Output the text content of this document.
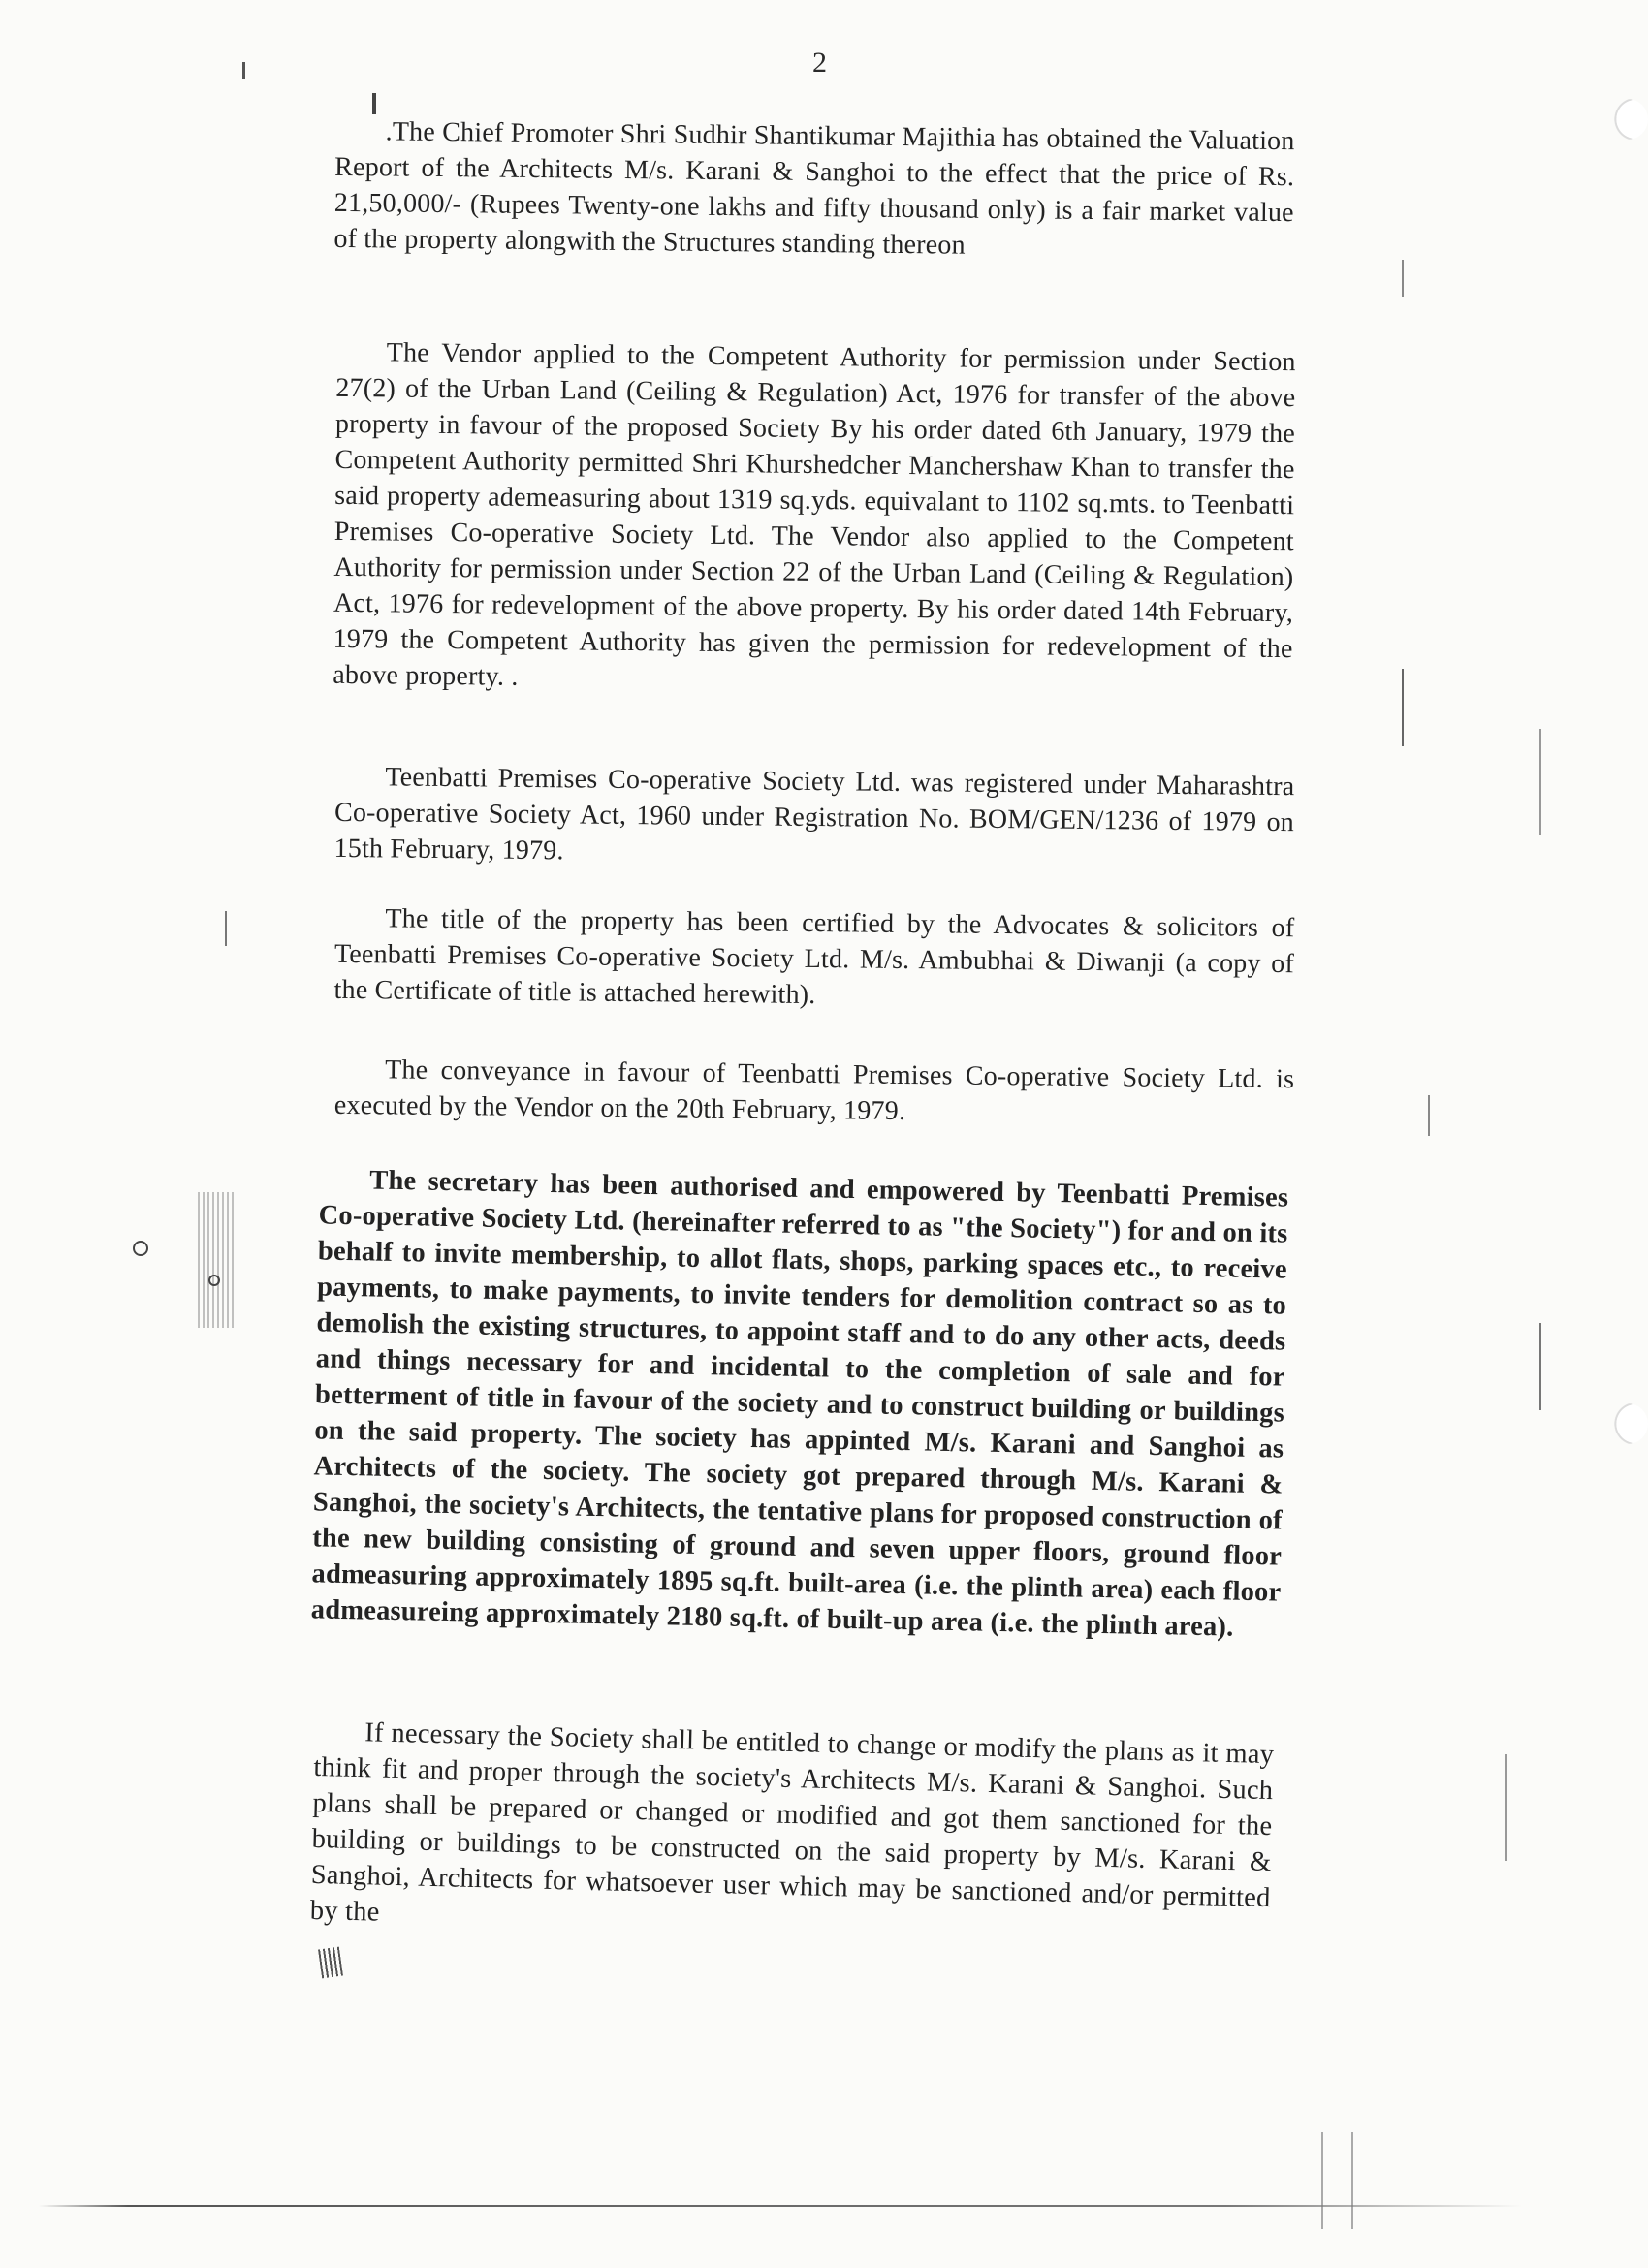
2

.The Chief Promoter Shri Sudhir Shantikumar Majithia has obtained the Valuation Report of the Architects M/s. Karani & Sanghoi to the effect that the price of Rs. 21,50,000/- (Rupees Twenty-one lakhs and fifty thousand only) is a fair market value of the property alongwith the Structures standing thereon

The Vendor applied to the Competent Authority for permission under Section 27(2) of the Urban Land (Ceiling & Regulation) Act, 1976 for transfer of the above property in favour of the proposed Society By his order dated 6th January, 1979 the Competent Authority permitted Shri Khurshedcher Manchershaw Khan to transfer the said property ademeasuring about 1319 sq.yds. equivalant to 1102 sq.mts. to Teenbatti Premises Co-operative Society Ltd. The Vendor also applied to the Competent Authority for permission under Section 22 of the Urban Land (Ceiling & Regulation) Act, 1976 for redevelopment of the above property. By his order dated 14th February, 1979 the Competent Authority has given the permission for redevelopment of the above property. .

Teenbatti Premises Co-operative Society Ltd. was registered under Maharashtra Co-operative Society Act, 1960 under Registration No. BOM/GEN/1236 of 1979 on 15th February, 1979.

The title of the property has been certified by the Advocates & solicitors of Teenbatti Premises Co-operative Society Ltd. M/s. Ambubhai & Diwanji (a copy of the Certificate of title is attached herewith).

The conveyance in favour of Teenbatti Premises Co-operative Society Ltd. is executed by the Vendor on the 20th February, 1979.

The secretary has been authorised and empowered by Teenbatti Premises Co-operative Society Ltd. (hereinafter referred to as "the Society") for and on its behalf to invite membership, to allot flats, shops, parking spaces etc., to receive payments, to make payments, to invite tenders for demolition contract so as to demolish the existing structures, to appoint staff and to do any other acts, deeds and things necessary for and incidental to the completion of sale and for betterment of title in favour of the society and to construct building or buildings on the said property. The society has appinted M/s. Karani and Sanghoi as Architects of the society. The society got prepared through M/s. Karani & Sanghoi, the society's Architects, the tentative plans for proposed construction of the new building consisting of ground and seven upper floors, ground floor admeasuring approximately 1895 sq.ft. built-area (i.e. the plinth area) each floor admeasureing approximately 2180 sq.ft. of built-up area (i.e. the plinth area).

If necessary the Society shall be entitled to change or modify the plans as it may think fit and proper through the society's Architects M/s. Karani & Sanghoi. Such plans shall be prepared or changed or modified and got them sanctioned for the building or buildings to be constructed on the said property by M/s. Karani & Sanghoi, Architects for whatsoever user which may be sanctioned and/or permitted by the
